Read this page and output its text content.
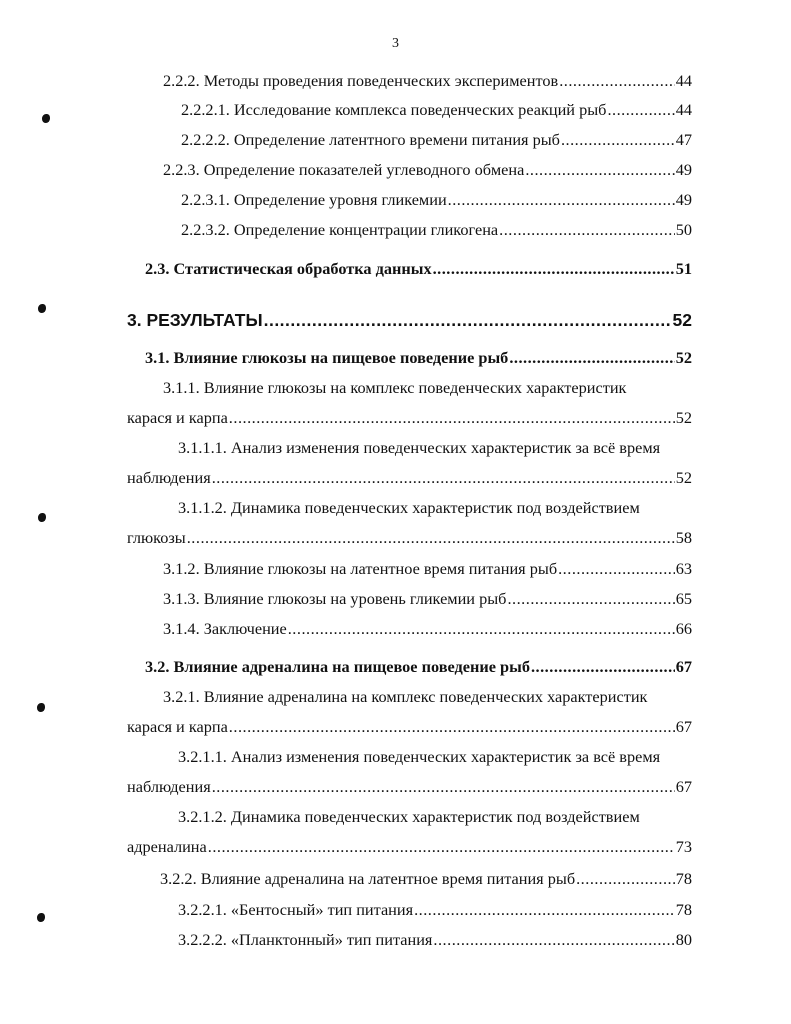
3
2.2.2. Методы проведения поведенческих экспериментов .....	44
2.2.2.1. Исследование комплекса поведенческих реакций рыб .....	44
2.2.2.2. Определение латентного времени питания рыб .....	47
2.2.3. Определение показателей углеводного обмена .....	49
2.2.3.1. Определение уровня гликемии .....	49
2.2.3.2. Определение концентрации гликогена .....	50
2.3. Статистическая обработка данных .....	51
3. РЕЗУЛЬТАТЫ .....	52
3.1. Влияние глюкозы на пищевое поведение рыб .....	52
3.1.1. Влияние глюкозы на комплекс поведенческих характеристик
карася и карпа .....	52
3.1.1.1. Анализ изменения поведенческих характеристик за всё время
наблюдения .....	52
3.1.1.2. Динамика поведенческих характеристик под воздействием
глюкозы .....	58
3.1.2. Влияние глюкозы на латентное время питания рыб .....	63
3.1.3. Влияние глюкозы на уровень гликемии рыб .....	65
3.1.4. Заключение .....	66
3.2. Влияние адреналина на пищевое поведение рыб .....	67
3.2.1. Влияние адреналина на комплекс поведенческих характеристик
карася и карпа .....	67
3.2.1.1. Анализ изменения поведенческих характеристик за всё время
наблюдения .....	67
3.2.1.2. Динамика поведенческих характеристик под воздействием
адреналина .....	73
3.2.2. Влияние адреналина на латентное время питания рыб .....	78
3.2.2.1. «Бентосный» тип питания .....	78
3.2.2.2. «Планктонный» тип питания .....	80
